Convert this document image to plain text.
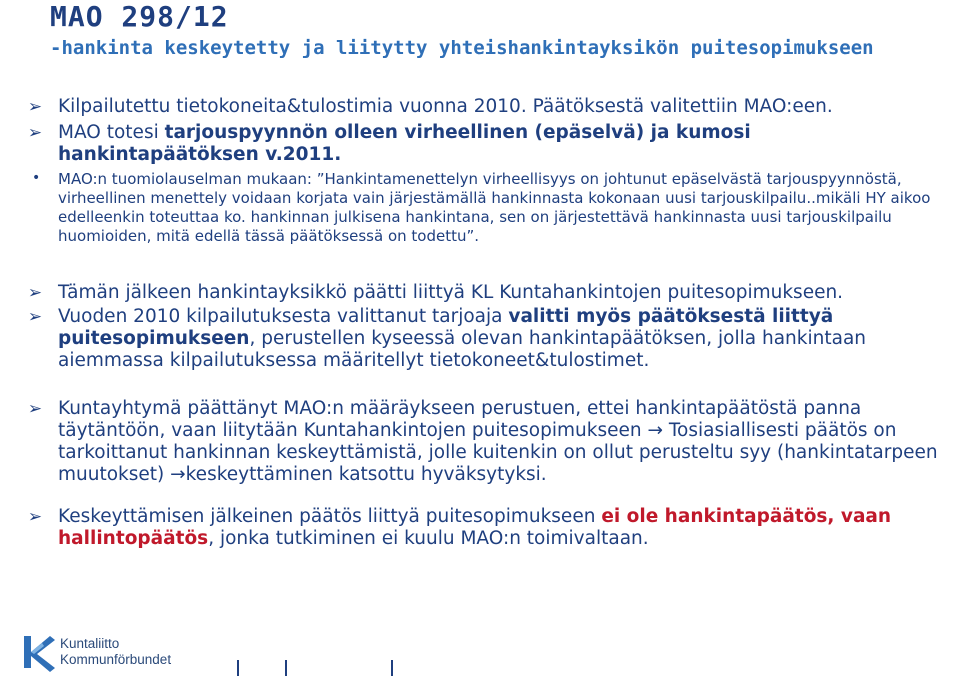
MAO 298/12
-hankinta keskeytetty ja liitytty yhteishankintayksikön puitesopimukseen
➢ Kilpailutettu tietokoneita&tulostimia vuonna 2010. Päätöksestä valitettiin MAO:een.
➢ MAO totesi tarjouspyynnön olleen virheellinen (epäselvä) ja kumosi hankintapäätöksen v.2011.
• MAO:n tuomiolauselman mukaan: ”Hankintamenettelyn virheellisyys on johtunut epäselvästä tarjouspyynnöstä, virheellinen menettely voidaan korjata vain järjestämällä hankinnasta kokonaan uusi tarjouskilpailu..mikäli HY aikoo edelleenkin toteuttaa ko. hankinnan julkisena hankintana, sen on järjestettävä hankinnasta uusi tarjouskilpailu huomioiden, mitä edellä tässä päätöksessä on todettu”.
➢ Tämän jälkeen hankintayksikkö päätti liittyä KL Kuntahankintojen puitesopimukseen.
➢ Vuoden 2010 kilpailutuksesta valittanut tarjoaja valitti myös päätöksestä liittyä puitesopimukseen, perustellen kyseessä olevan hankintapäätöksen, jolla hankintaan aiemmassa kilpailutuksessa määritellyt tietokoneet&tulostimet.
➢ Kuntayhtymä päättänyt MAO:n määräykseen perustuen, ettei hankintapäätöstä panna täytäntöön, vaan liitytään Kuntahankintojen puitesopimukseen → Tosiasiallisesti päätös on tarkoittanut hankinnan keskeyttämistä, jolle kuitenkin on ollut perusteltu syy (hankintatarpeen muutokset) →keskeyttäminen katsottu hyväksytyksi.
➢ Keskeyttämisen jälkeinen päätös liittyä puitesopimukseen ei ole hankintapäätös, vaan hallintopäätös, jonka tutkiminen ei kuulu MAO:n toimivaltaan.
Kuntaliitto
Kommunförbundet
